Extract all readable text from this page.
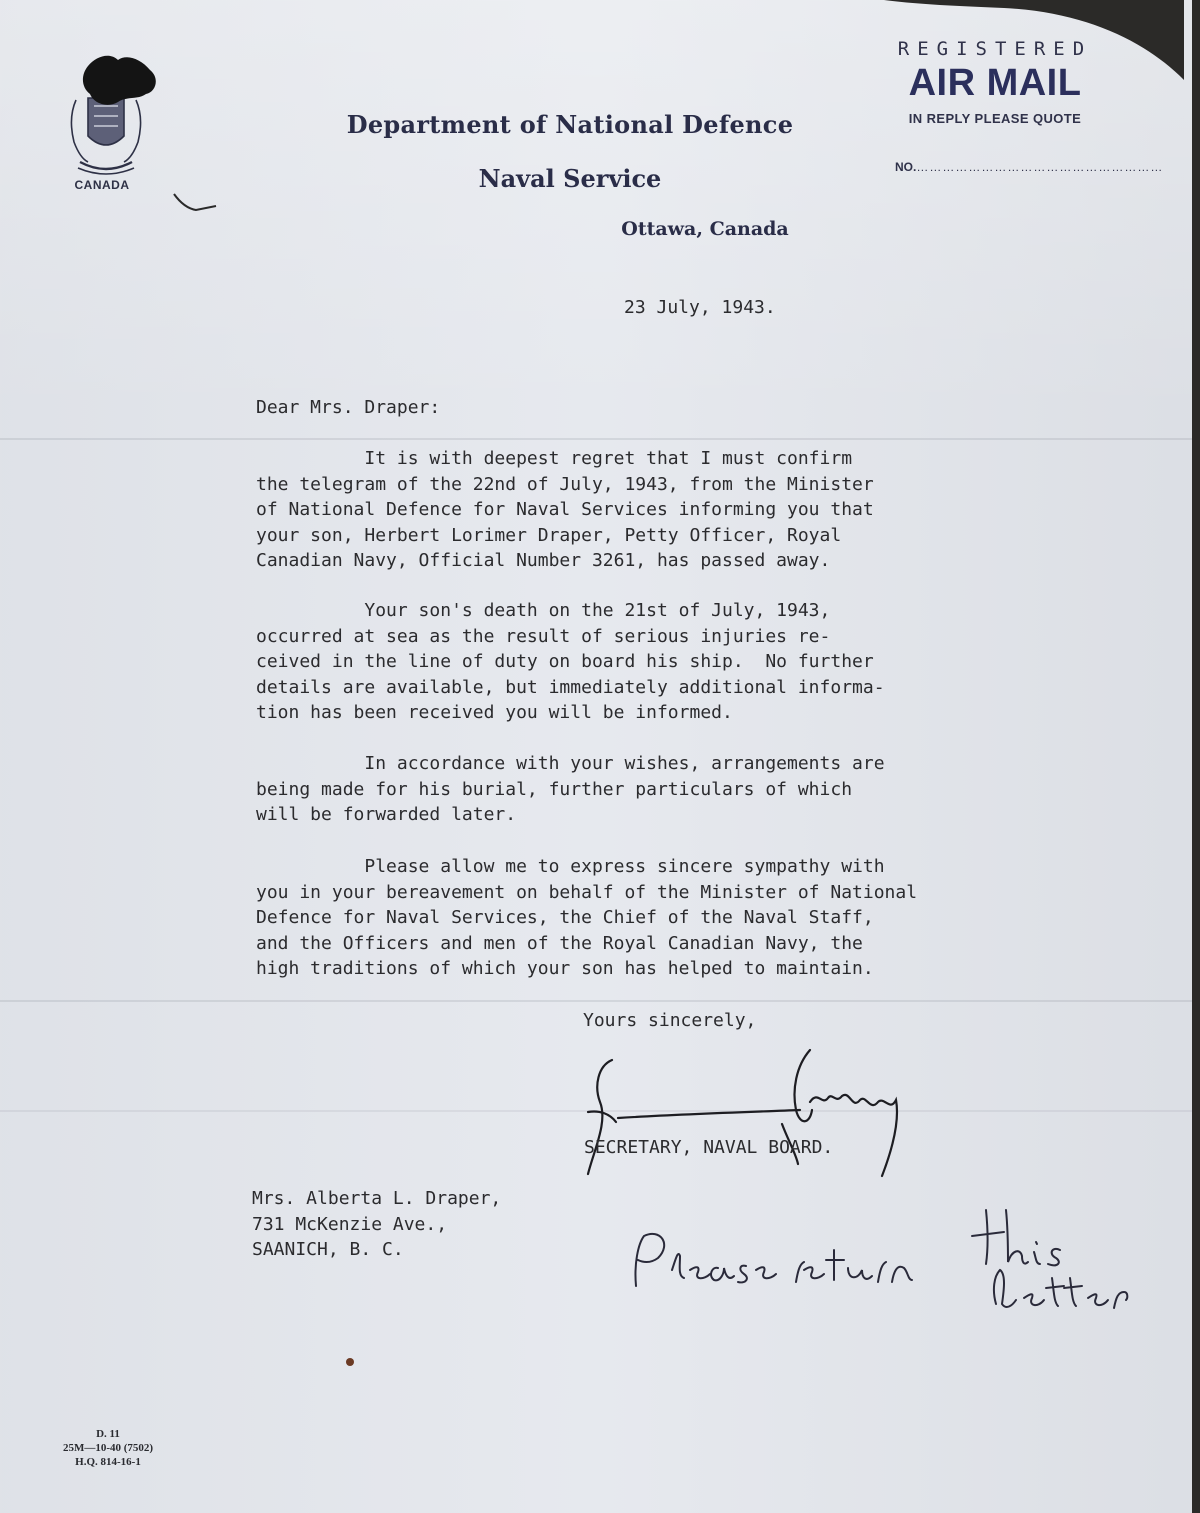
CANADA
Department of National Defence
Naval Service
Ottawa, Canada
REGISTERED
AIR MAIL
IN REPLY PLEASE QUOTE
NO.…………………………………………………
23 July, 1943.
Dear Mrs. Draper:
It is with deepest regret that I must confirm
the telegram of the 22nd of July, 1943, from the Minister
of National Defence for Naval Services informing you that
your son, Herbert Lorimer Draper, Petty Officer, Royal
Canadian Navy, Official Number 3261, has passed away.
Your son's death on the 21st of July, 1943,
occurred at sea as the result of serious injuries re-
ceived in the line of duty on board his ship.  No further
details are available, but immediately additional informa-
tion has been received you will be informed.
In accordance with your wishes, arrangements are
being made for his burial, further particulars of which
will be forwarded later.
Please allow me to express sincere sympathy with
you in your bereavement on behalf of the Minister of National
Defence for Naval Services, the Chief of the Naval Staff,
and the Officers and men of the Royal Canadian Navy, the
high traditions of which your son has helped to maintain.
Yours sincerely,
SECRETARY, NAVAL BOARD.
Mrs. Alberta L. Draper,
731 McKenzie Ave.,
SAANICH, B. C.
D. 11
25M—10-40 (7502)
H.Q. 814-16-1
